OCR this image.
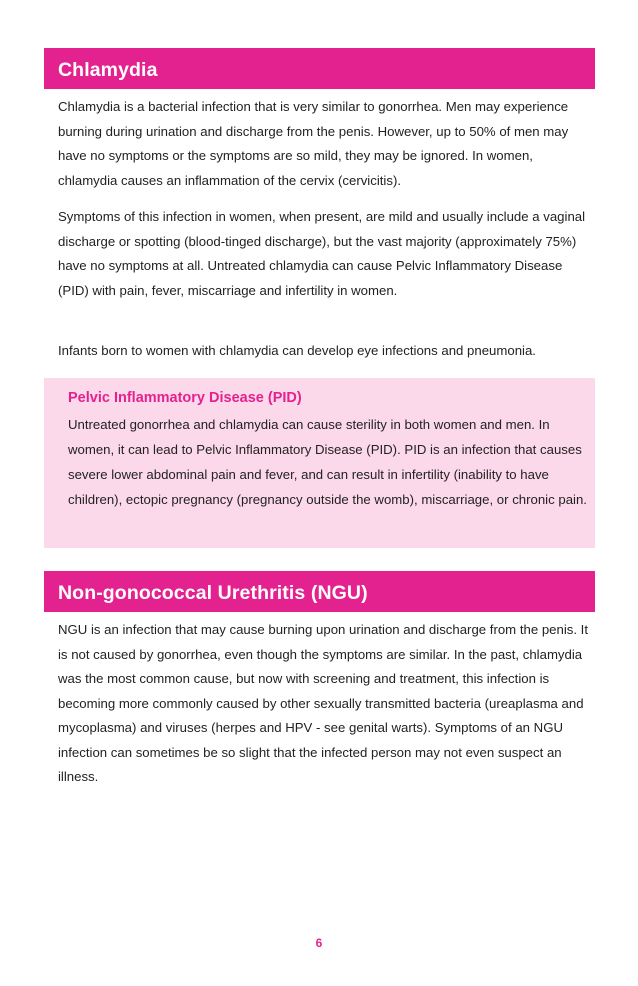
Chlamydia

Chlamydia is a bacterial infection that is very similar to gonorrhea. Men may experience burning during urination and discharge from the penis. However, up to 50% of men may have no symptoms or the symptoms are so mild, they may be ignored. In women, chlamydia causes an inflammation of the cervix (cervicitis).

Symptoms of this infection in women, when present, are mild and usually include a vaginal discharge or spotting (blood-tinged discharge), but the vast majority (approximately 75%) have no symptoms at all. Untreated chlamydia can cause Pelvic Inflammatory Disease (PID) with pain, fever, miscarriage and infertility in women.

Infants born to women with chlamydia can develop eye infections and pneumonia.

Pelvic Inflammatory Disease (PID)

Untreated gonorrhea and chlamydia can cause sterility in both women and men. In women, it can lead to Pelvic Inflammatory Disease (PID). PID is an infection that causes severe lower abdominal pain and fever, and can result in infertility (inability to have children), ectopic pregnancy (pregnancy outside the womb), miscarriage, or chronic pain.

Non-gonococcal Urethritis (NGU)

NGU is an infection that may cause burning upon urination and discharge from the penis. It is not caused by gonorrhea, even though the symptoms are similar. In the past, chlamydia was the most common cause, but now with screening and treatment, this infection is becoming more commonly caused by other sexually transmitted bacteria (ureaplasma and mycoplasma) and viruses (herpes and HPV - see genital warts). Symptoms of an NGU infection can sometimes be so slight that the infected person may not even suspect an illness.

6
